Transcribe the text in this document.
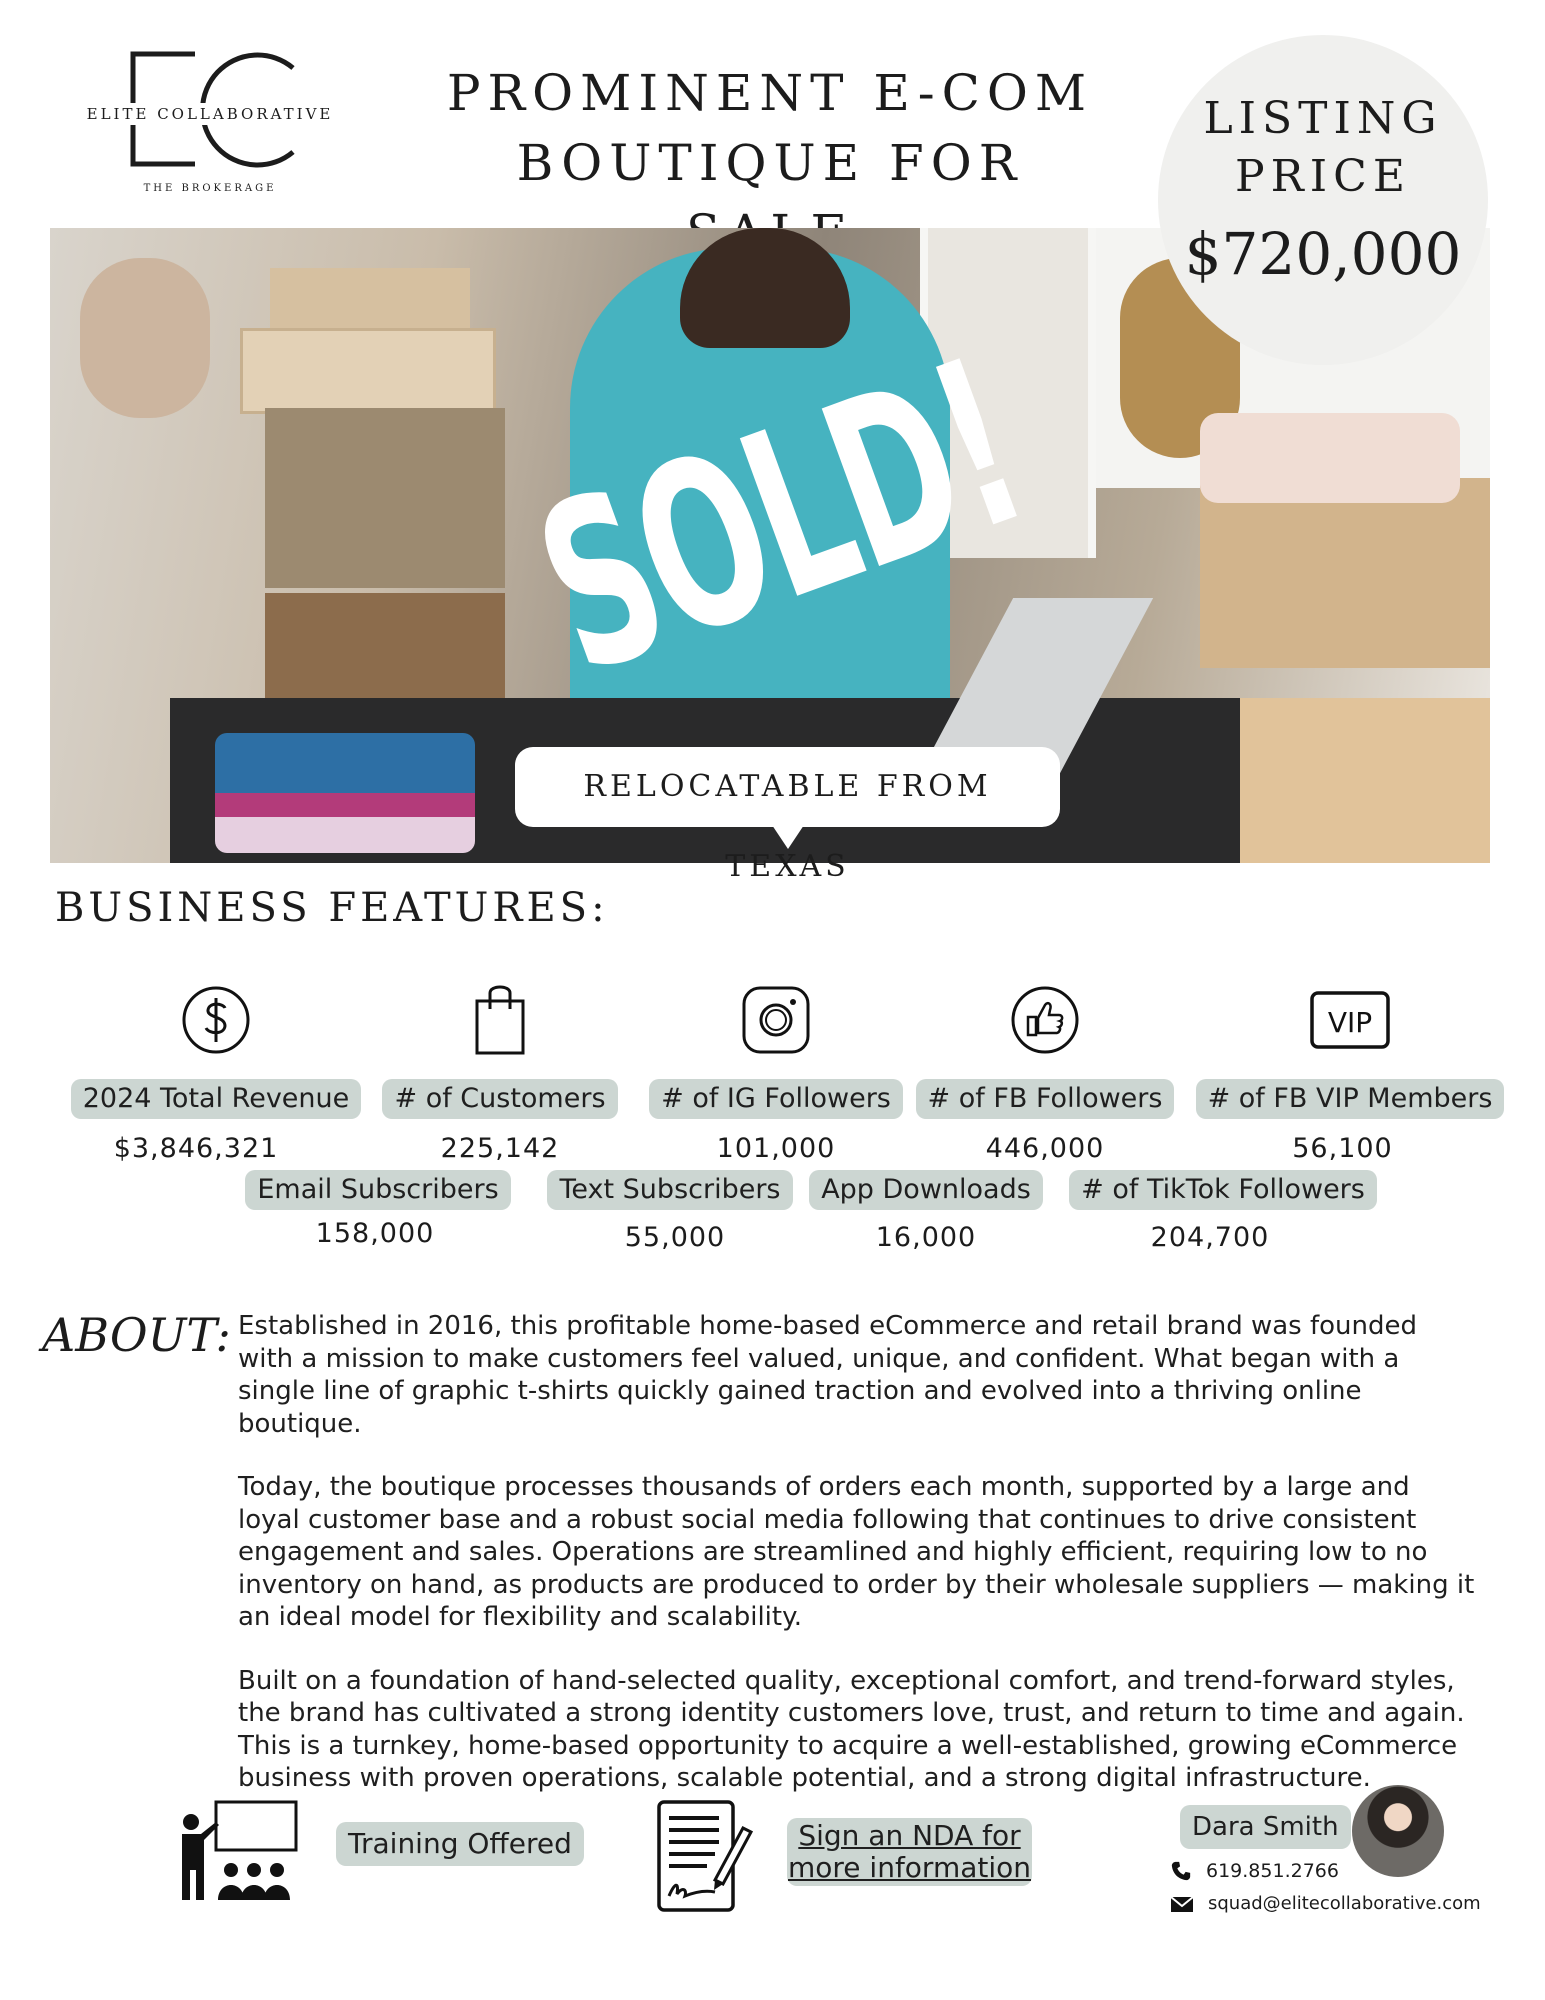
ELITE COLLABORATIVE
THE BROKERAGE
PROMINENT E-COM
BOUTIQUE FOR
SOLD!
RELOCATABLE FROM TEXAS
LISTING
PRICE
$720,000
BUSINESS FEATURES:
2024 Total Revenue
$3,846,321
# of Customers
225,142
# of IG Followers
101,000
# of FB Followers
446,000
VIP
# of FB VIP Members
56,100
Email Subscribers
158,000
Text Subscribers
55,000
App Downloads
16,000
# of TikTok Followers
204,700
ABOUT: Established in 2016, this profitable home-based eCommerce and retail brand was founded with a mission to make customers feel valued, unique, and confident. What began with a single line of graphic t-shirts quickly gained traction and evolved into a thriving online boutique.

Today, the boutique processes thousands of orders each month, supported by a large and loyal customer base and a robust social media following that continues to drive consistent engagement and sales. Operations are streamlined and highly efficient, requiring low to no inventory on hand, as products are produced to order by their wholesale suppliers — making it an ideal model for flexibility and scalability.

Built on a foundation of hand-selected quality, exceptional comfort, and trend-forward styles, the brand has cultivated a strong identity customers love, trust, and return to time and again. This is a turnkey, home-based opportunity to acquire a well-established, growing eCommerce business with proven operations, scalable potential, and a strong digital infrastructure.

Training Offered	Sign an NDA for more information
Dara Smith
619.851.2766
squad@elitecollaborative.com
